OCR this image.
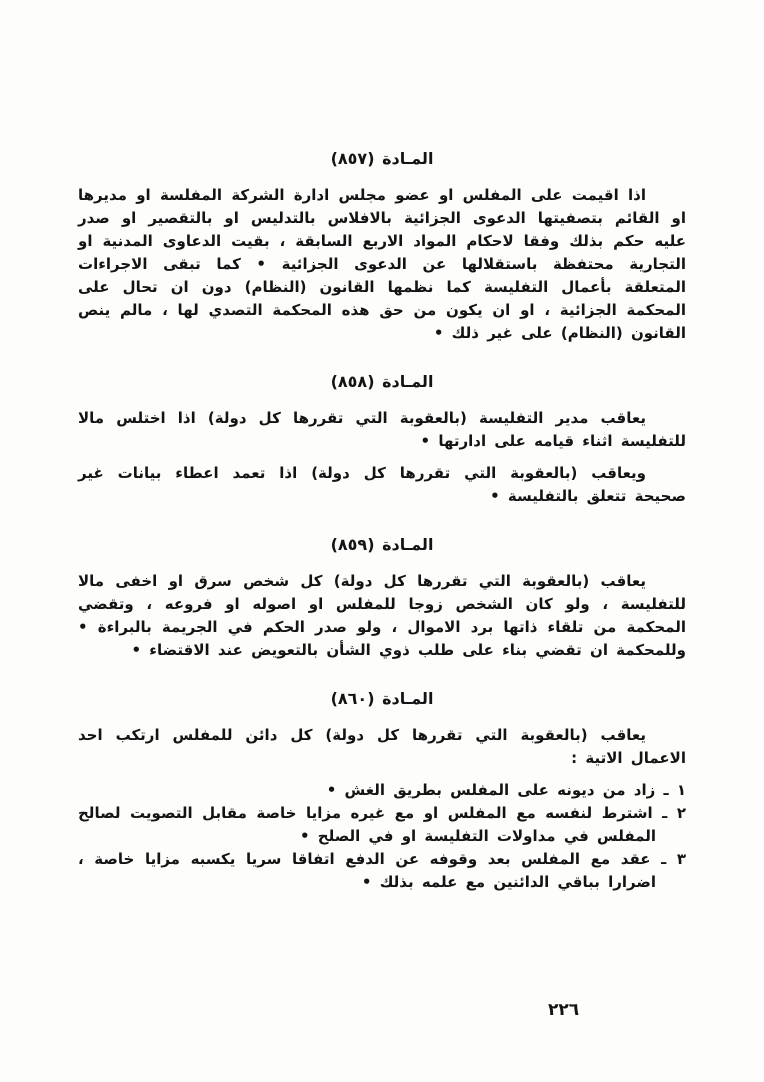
المـادة (٨٥٧)

اذا اقيمت على المفلس او عضو مجلس ادارة الشركة المفلسة او مديرها او القائم بتصفيتها الدعوى الجزائية بالافلاس بالتدليس او بالتقصير او صدر عليه حكم بذلك وفقا لاحكام المواد الاربع السابقة ، بقيت الدعاوى المدنية او التجارية محتفظة باستقلالها عن الدعوى الجزائية • كما تبقى الاجراءات المتعلقة بأعمال التفليسة كما نظمها القانون (النظام) دون ان تحال على المحكمة الجزائية ، او ان يكون من حق هذه المحكمة التصدي لها ، مالم ينص القانون (النظام) على غير ذلك •

المـادة (٨٥٨)

يعاقب مدير التفليسة (بالعقوبة التي تقررها كل دولة) اذا اختلس مالا للتفليسة اثناء قيامه على ادارتها •

ويعاقب (بالعقوبة التي تقررها كل دولة) اذا تعمد اعطاء بيانات غير صحيحة تتعلق بالتفليسة •

المـادة (٨٥٩)

يعاقب (بالعقوبة التي تقررها كل دولة) كل شخص سرق او اخفى مالا للتفليسة ، ولو كان الشخص زوجا للمفلس او اصوله او فروعه ، وتقضي المحكمة من تلقاء ذاتها برد الاموال ، ولو صدر الحكم في الجريمة بالبراءة • وللمحكمة ان تقضي بناء على طلب ذوي الشأن بالتعويض عند الاقتضاء •

المـادة (٨٦٠)

يعاقب (بالعقوبة التي تقررها كل دولة) كل دائن للمفلس ارتكب احد الاعمال الاتية :

١ ـ زاد من ديونه على المفلس بطريق الغش •

٢ ـ اشترط لنفسه مع المفلس او مع غيره مزايا خاصة مقابل التصويت لصالح المفلس في مداولات التفليسة او في الصلح •

٣ ـ عقد مع المفلس بعد وقوفه عن الدفع اتفاقا سريا يكسبه مزايا خاصة ، اضرارا بباقي الدائنين مع علمه بذلك •

٢٢٦
